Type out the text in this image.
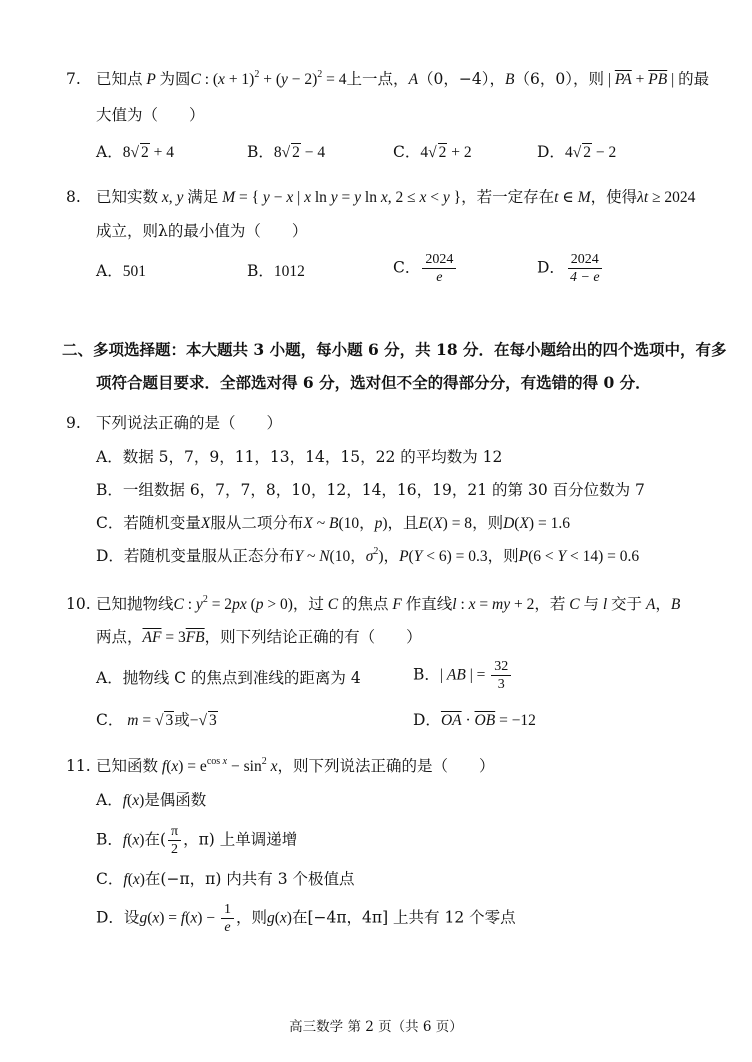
7. 已知点 P 为圆C : $(x + 1)^2 + (y - 2)^2 = 4$上一点，A（0，−4），B（6，0），则 | $\overline{PA} + \overline{PB}$ | 的最
大值为（　　）
A．8√ 2 + 4	B．8√ 2 − 4	C．4√ 2 + 2	D．4√ 2 − 2
8. 已知实数 x, y 满足 M = { y − x | x ln y = y ln x, 2 ≤ x < y }，若一定存在t ∈ M，使得λt ≥ 2024
成立，则λ的最小值为（　　）
A．501	B．1012	C． $\frac{2024}{e}$	D． $\frac{2024}{4 - e}$
二、多项选择题：本大题共 3 小题，每小题 6 分，共 18 分．在每小题给出的四个选项中，有多
项符合题目要求．全部选对得 6 分，选对但不全的得部分分，有选错的得 0 分．
9. 下列说法正确的是（　　）
A．数据 5，7，9，11，13，14，15，22 的平均数为 12
B．一组数据 6，7，7，8，10，12，14，16，19，21 的第 30 百分位数为 7
C．若随机变量X服从二项分布X ~ B(10，p)，且E(X) = 8，则D(X) = 1.6
D．若随机变量服从正态分布Y ~ N(10，$\sigma^2$)，P(Y < 6) = 0.3，则P(6 < Y < 14) = 0.6
10. 已知抛物线C : $y^2 = 2px$ (p > 0)，过 C 的焦点 F 作直线l : x = my + 2，若 C 与 l 交于 A，B
两点，$\overline{AF} = 3\overline{FB}$，则下列结论正确的有（　　）
A．抛物线 C 的焦点到准线的距离为 4	B．| AB | = $\frac{32}{3}$
C． m = √ 3或−√ 3	D．$\overline{OA} \cdot \overline{OB} = -12$
11. 已知函数 $f(x) = e^{cos x} - \sin^2 x$，则下列说法正确的是（　　）
A．f(x)是偶函数
B．f(x)在( $\frac{\pi}{2}$ ，π) 上单调递增
C．f(x)在(−π，π) 内共有 3 个极值点
D．设$g(x) = f(x) - \frac{1}{e}$ ，则g(x)在[−4π，4π] 上共有 12 个零点
高三数学 第 2 页（共 6 页）
